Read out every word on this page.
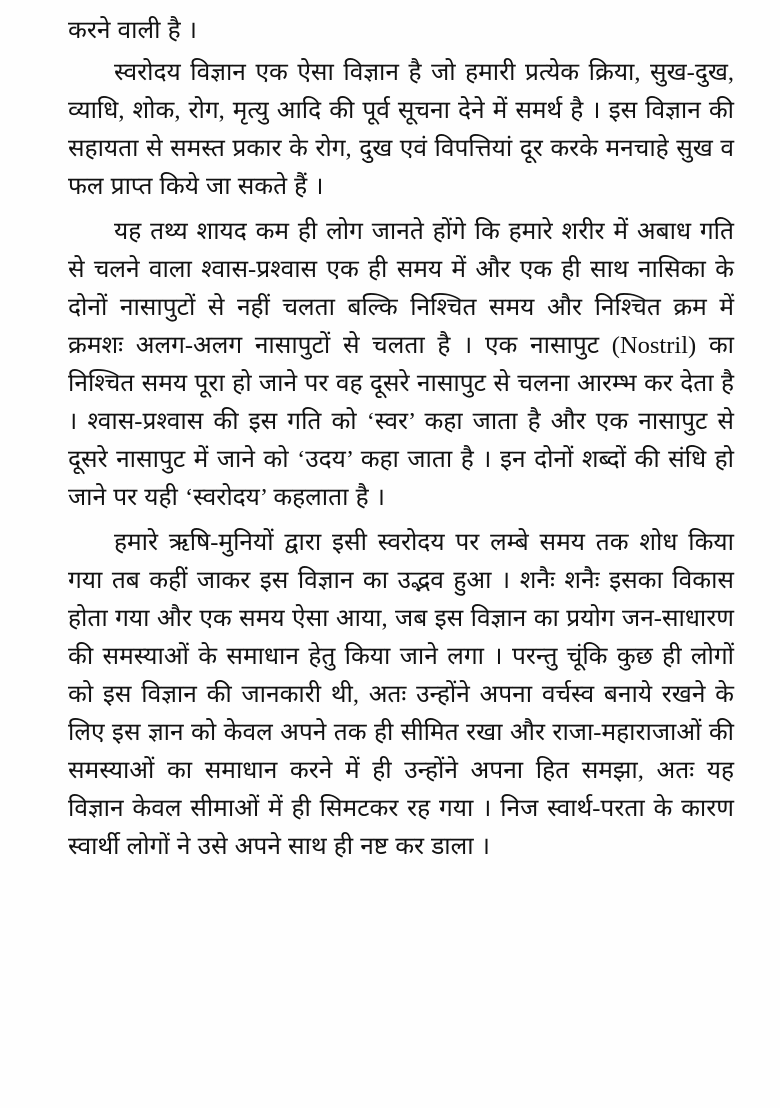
करने वाली है ।

स्वरोदय विज्ञान एक ऐसा विज्ञान है जो हमारी प्रत्येक क्रिया, सुख-दुख, व्याधि, शोक, रोग, मृत्यु आदि की पूर्व सूचना देने में समर्थ है । इस विज्ञान की सहायता से समस्त प्रकार के रोग, दुख एवं विपत्तियां दूर करके मनचाहे सुख व फल प्राप्त किये जा सकते हैं ।

यह तथ्य शायद कम ही लोग जानते होंगे कि हमारे शरीर में अबाध गति से चलने वाला श्वास-प्रश्वास एक ही समय में और एक ही साथ नासिका के दोनों नासापुटों से नहीं चलता बल्कि निश्चित समय और निश्चित क्रम में क्रमशः अलग-अलग नासापुटों से चलता है । एक नासापुट (Nostril) का निश्चित समय पूरा हो जाने पर वह दूसरे नासापुट से चलना आरम्भ कर देता है । श्वास-प्रश्वास की इस गति को ‘स्वर’ कहा जाता है और एक नासापुट से दूसरे नासापुट में जाने को ‘उदय’ कहा जाता है । इन दोनों शब्दों की संधि हो जाने पर यही ‘स्वरोदय’ कहलाता है ।

हमारे ऋषि-मुनियों द्वारा इसी स्वरोदय पर लम्बे समय तक शोध किया गया तब कहीं जाकर इस विज्ञान का उद्भव हुआ । शनैः शनैः इसका विकास होता गया और एक समय ऐसा आया, जब इस विज्ञान का प्रयोग जन-साधारण की समस्याओं के समाधान हेतु किया जाने लगा । परन्तु चूंकि कुछ ही लोगों को इस विज्ञान की जानकारी थी, अतः उन्होंने अपना वर्चस्व बनाये रखने के लिए इस ज्ञान को केवल अपने तक ही सीमित रखा और राजा-महाराजाओं की समस्याओं का समाधान करने में ही उन्होंने अपना हित समझा, अतः यह विज्ञान केवल सीमाओं में ही सिमटकर रह गया । निज स्वार्थ-परता के कारण स्वार्थी लोगों ने उसे अपने साथ ही नष्ट कर डाला ।
